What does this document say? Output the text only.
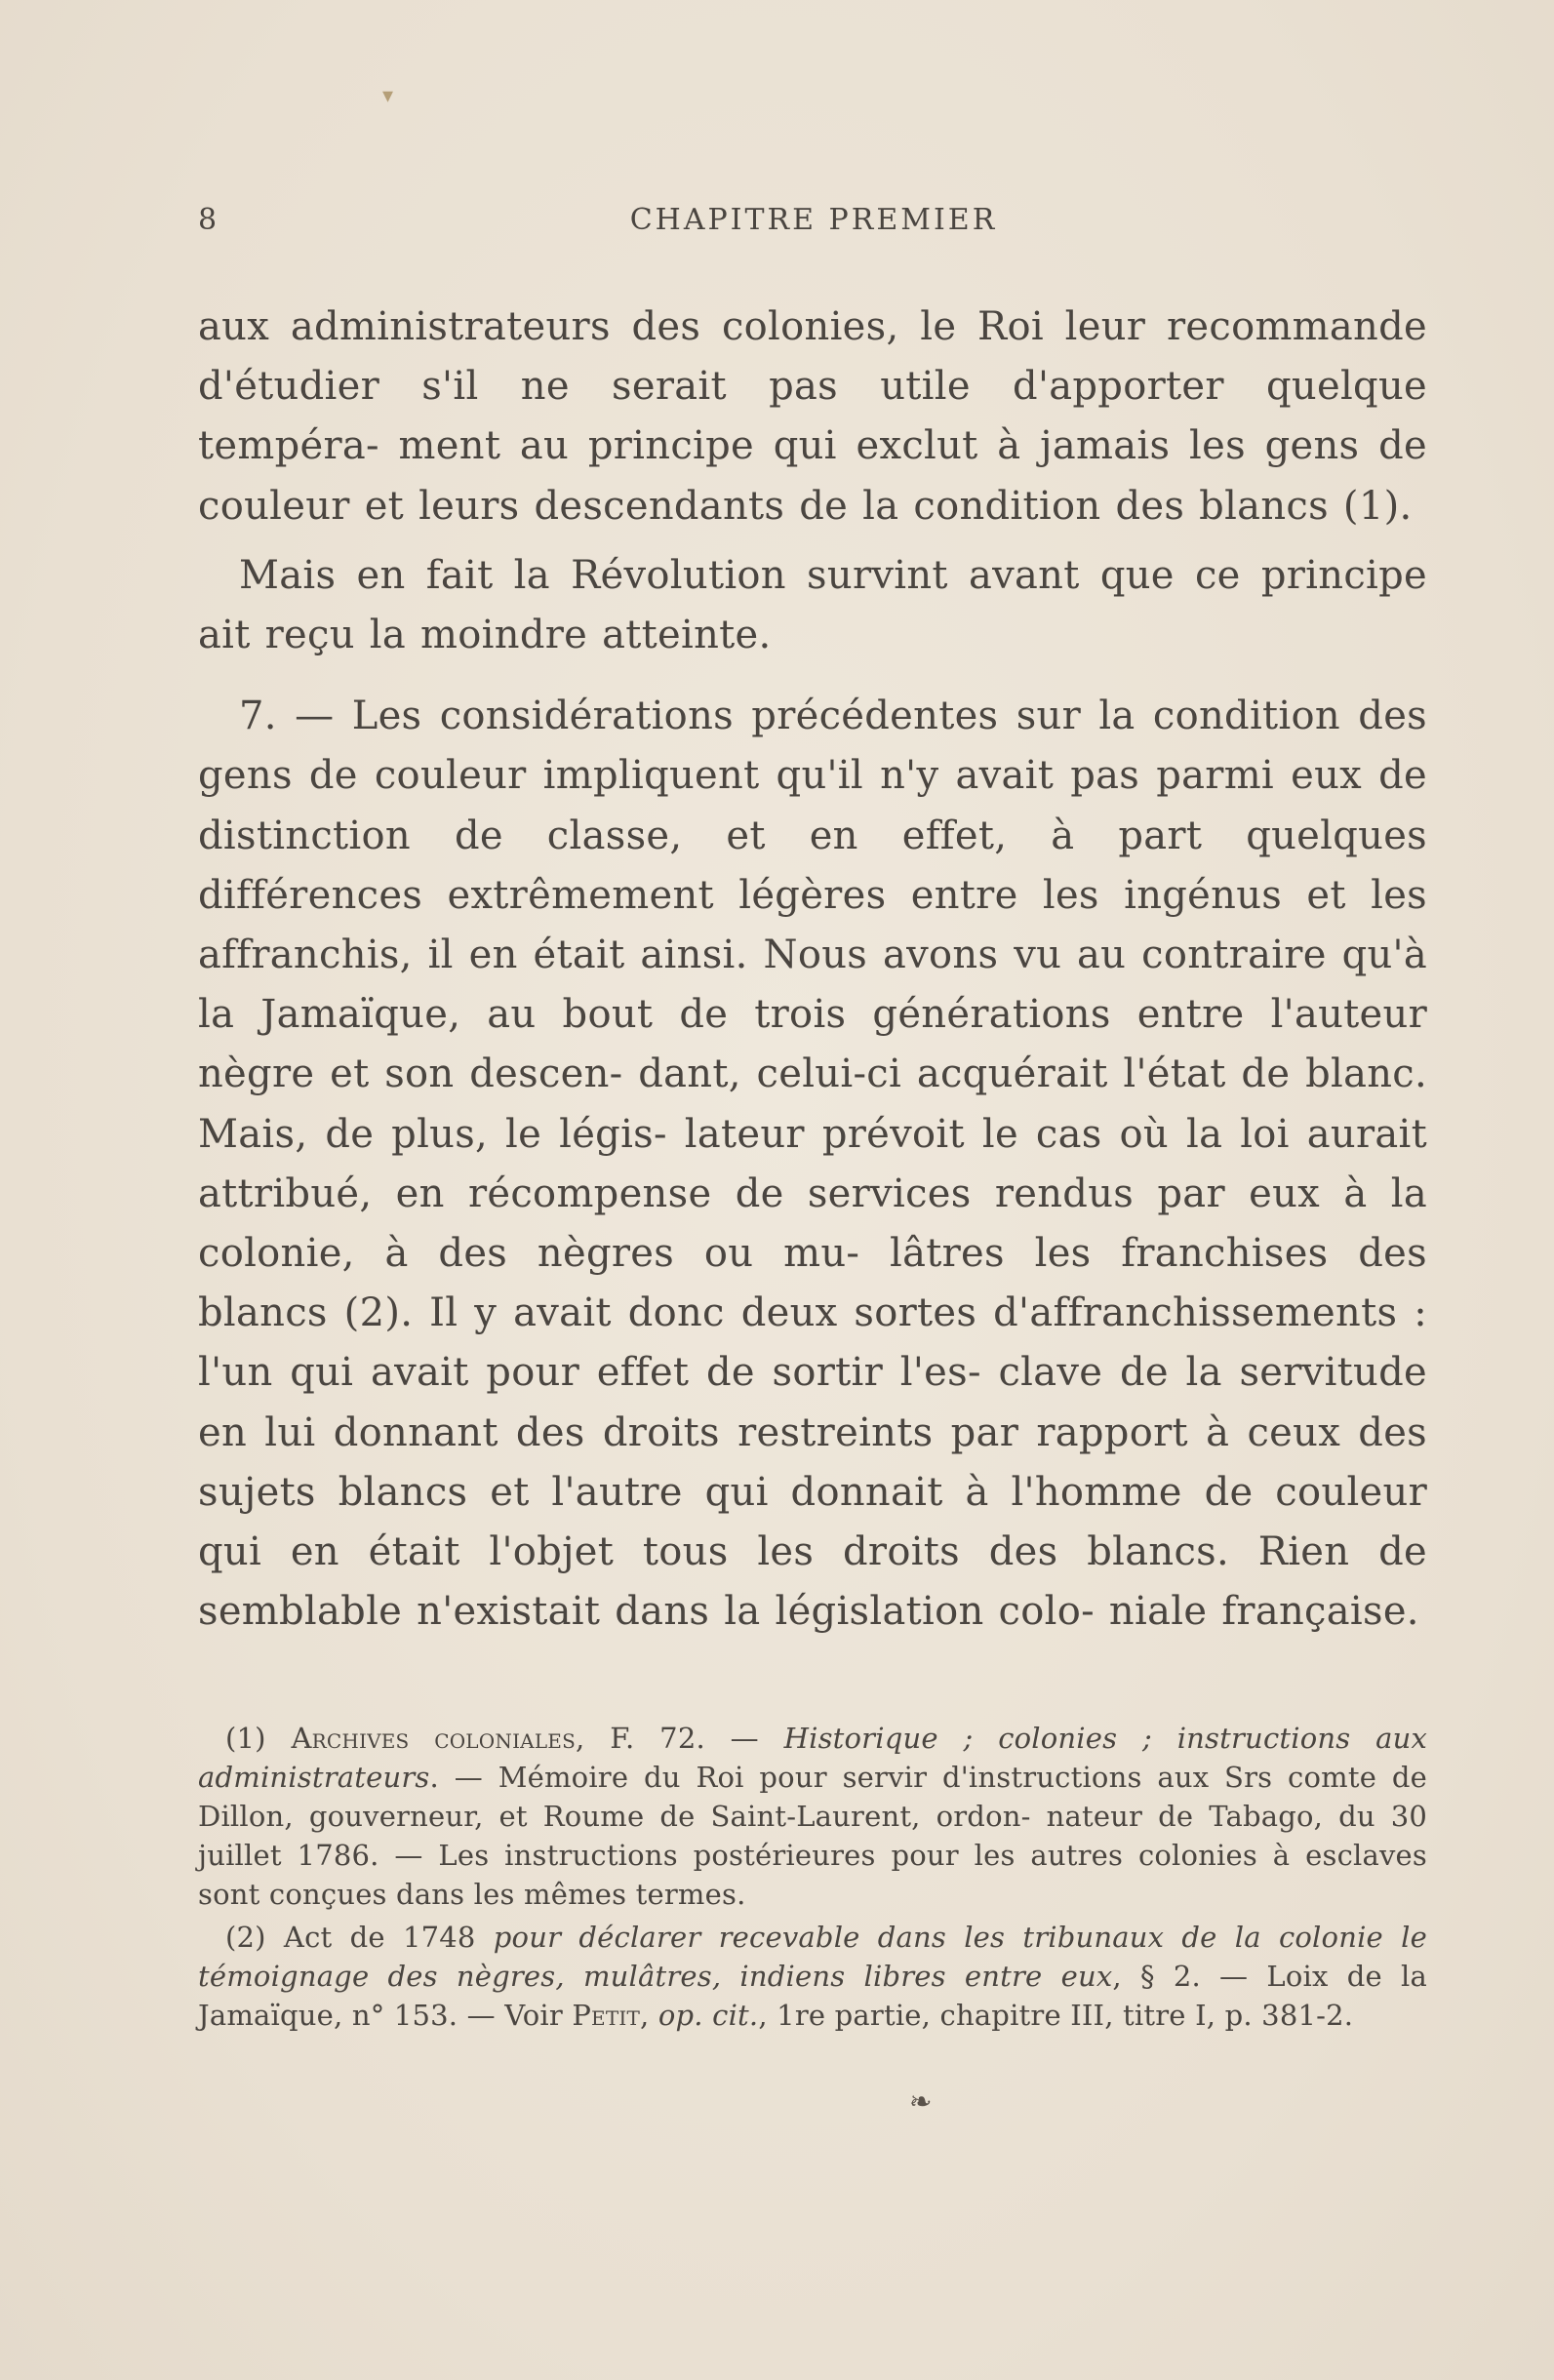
▾
8	CHAPITRE PREMIER

aux administrateurs des colonies, le Roi leur recommande d'étudier s'il ne serait pas utile d'apporter quelque tempéra- ment au principe qui exclut à jamais les gens de couleur et leurs descendants de la condition des blancs (1).

Mais en fait la Révolution survint avant que ce principe ait reçu la moindre atteinte.

7. — Les considérations précédentes sur la condition des gens de couleur impliquent qu'il n'y avait pas parmi eux de distinction de classe, et en effet, à part quelques différences extrêmement légères entre les ingénus et les affranchis, il en était ainsi. Nous avons vu au contraire qu'à la Jamaïque, au bout de trois générations entre l'auteur nègre et son descen- dant, celui-ci acquérait l'état de blanc. Mais, de plus, le légis- lateur prévoit le cas où la loi aurait attribué, en récompense de services rendus par eux à la colonie, à des nègres ou mu- lâtres les franchises des blancs (2). Il y avait donc deux sortes d'affranchissements : l'un qui avait pour effet de sortir l'es- clave de la servitude en lui donnant des droits restreints par rapport à ceux des sujets blancs et l'autre qui donnait à l'homme de couleur qui en était l'objet tous les droits des blancs. Rien de semblable n'existait dans la législation colo- niale française.

(1) Archives coloniales, F. 72. — Historique ; colonies ; instructions aux administrateurs. — Mémoire du Roi pour servir d'instructions aux Srs comte de Dillon, gouverneur, et Roume de Saint-Laurent, ordon- nateur de Tabago, du 30 juillet 1786. — Les instructions postérieures pour les autres colonies à esclaves sont conçues dans les mêmes termes.

(2) Act de 1748 pour déclarer recevable dans les tribunaux de la colonie le témoignage des nègres, mulâtres, indiens libres entre eux, § 2. — Loix de la Jamaïque, n° 153. — Voir Petit, op. cit., 1re partie, chapitre III, titre I, p. 381-2.

❧
